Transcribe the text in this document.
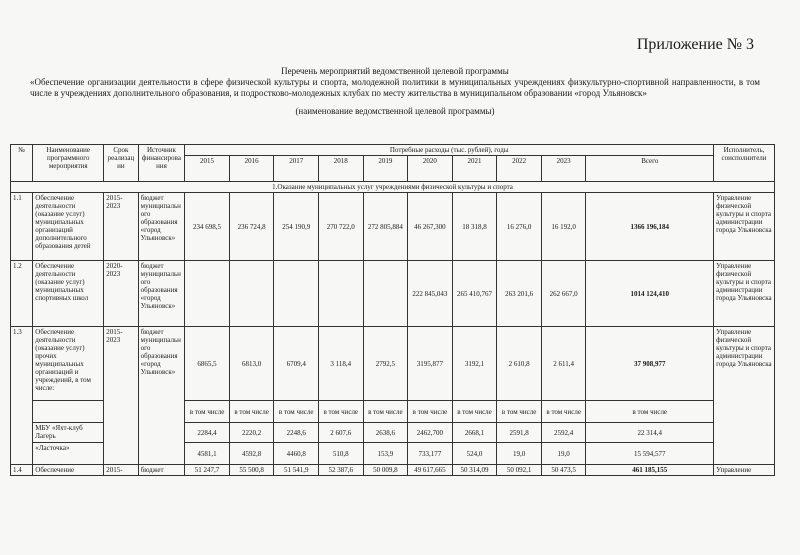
Приложение № 3
Перечень мероприятий ведомственной целевой программы
«Обеспечение организации деятельности в сфере физической культуры и спорта, молодежной политики в муниципальных учреждениях физкультурно-спортивной направленности, в том числе в учреждениях дополнительного образования, и подростково-молодежных клубах по месту жительства в муниципальном образовании «город Ульяновск»
(наименование ведомственной целевой программы)
№	Наименование программного мероприятия	Срок реализации	Источник финансирования	Потребные расходы (тыс. рублей), годы										Исполнитель, соисполнители
				2015	2016	2017	2018	2019	2020	2021	2022	2023	Всего	
1.Оказание муниципальных услуг учреждениями физической культуры и спорта														
1.1	Обеспечение деятельности (оказание услуг) муниципальных организаций дополнительного образования детей	2015-2023	бюджет муниципального образования «город Ульяновск»	234 698,5	236 724,8	254 190,9	270 722,0	272 805,884	46 267,300	18 318,8	16 276,0	16 192,0	1366 196,184	Управление физической культуры и спорта администрации города Ульяновска
1.2	Обеспечение деятельности (оказание услуг) муниципальных спортивных школ	2020-2023	бюджет муниципального образования «город Ульяновск»						222 845,043	265 410,767	263 201,6	262 667,0	1014 124,410	Управление физической культуры и спорта администрации города Ульяновска
1.3	Обеспечение деятельности (оказание услуг) прочих муниципальных организаций и учреждений, в том числе:	2015-2023	бюджет муниципального образования «город Ульяновск»	6865,5	6813,0	6709,4	3 118,4	2792,5	3195,877	3192,1	2 610,8	2 611,4	37 908,977	Управление физической культуры и спорта администрации города Ульяновска
				в том числе	в том числе	в том числе	в том числе	в том числе	в том числе	в том числе	в том числе	в том числе	в том числе	
	МБУ «Яхт-клуб Лагерь			2284,4	2220,2	2248,6	2 607,6	2638,6	2462,700	2668,1	2591,8	2592,4	22 314,4	
	«Ласточка»			4581,1	4592,8	4460,8	510,8	153,9	733,177	524,0	19,0	19,0	15 594,577	
1.4	Обеспечение	2015-	бюджет	51 247,7	55 500,8	51 541,9	52 387,6	50 009,8	49 617,665	50 314,09	50 092,1	50 473,5	461 185,155	Управление
